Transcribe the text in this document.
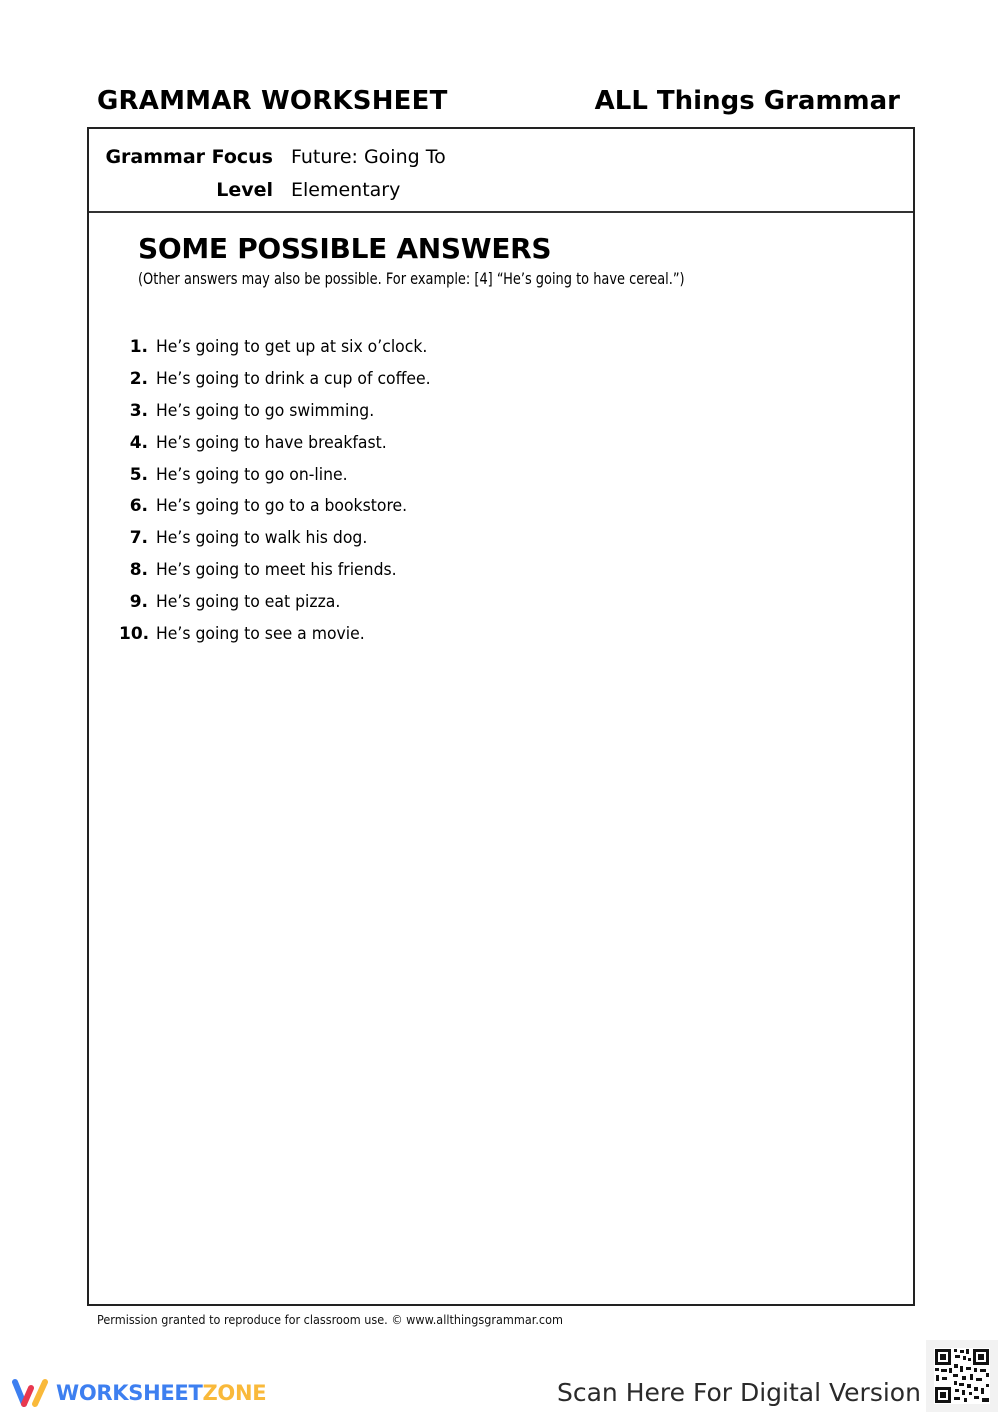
GRAMMAR WORKSHEET	ALL Things Grammar
Grammar Focus Future: Going To
Level Elementary
SOME POSSIBLE ANSWERS
(Other answers may also be possible. For example: [4] “He’s going to have cereal.”)
1. He’s going to get up at six o’clock.
2. He’s going to drink a cup of coffee.
3. He’s going to go swimming.
4. He’s going to have breakfast.
5. He’s going to go on-line.
6. He’s going to go to a bookstore.
7. He’s going to walk his dog.
8. He’s going to meet his friends.
9. He’s going to eat pizza.
10. He’s going to see a movie.
Permission granted to reproduce for classroom use. © www.allthingsgrammar.com
WORKSHEETZONE	Scan Here For Digital Version
